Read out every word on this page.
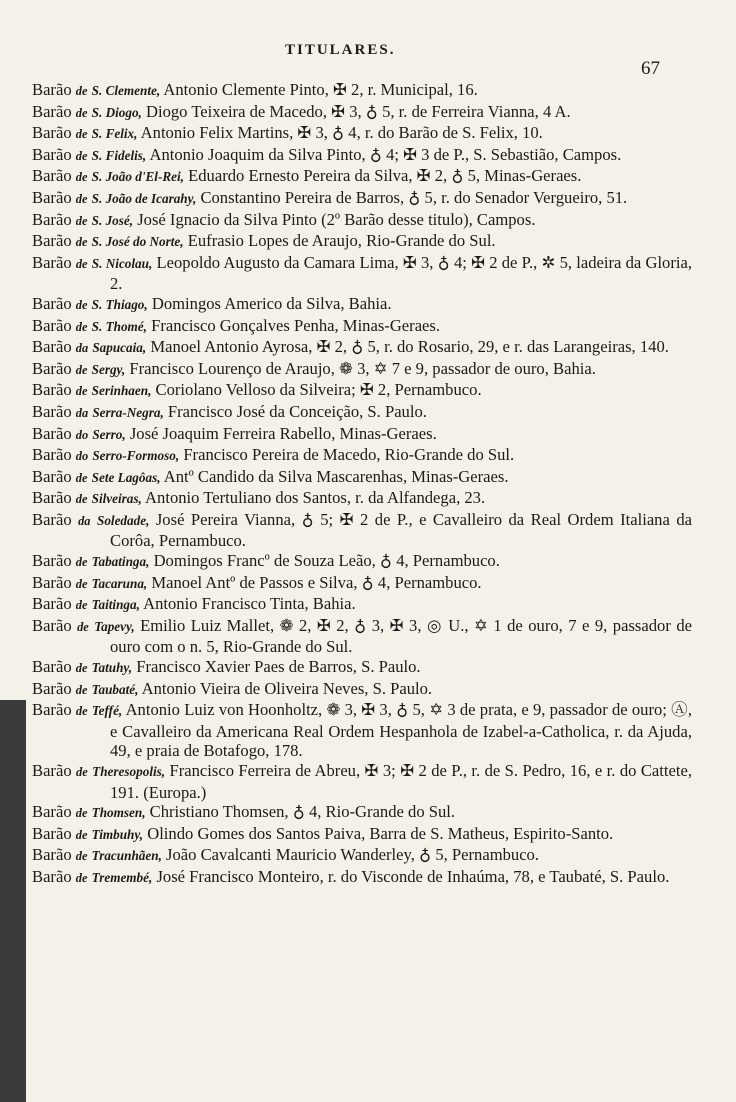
TITULARES.
67

Barão de S. Clemente, Antonio Clemente Pinto, ✠ 2, r. Municipal, 16.

Barão de S. Diogo, Diogo Teixeira de Macedo, ✠ 3, ♁ 5, r. de Ferreira Vianna, 4 A.

Barão de S. Felix, Antonio Felix Martins, ✠ 3, ♁ 4, r. do Barão de S. Felix, 10.

Barão de S. Fidelis, Antonio Joaquim da Silva Pinto, ♁ 4; ✠ 3 de P., S. Sebastião, Campos.

Barão de S. João d'El-Rei, Eduardo Ernesto Pereira da Silva, ✠ 2, ♁ 5, Minas-Geraes.

Barão de S. João de Icarahy, Constantino Pereira de Barros, ♁ 5, r. do Senador Vergueiro, 51.

Barão de S. José, José Ignacio da Silva Pinto (2º Barão desse titulo), Campos.

Barão de S. José do Norte, Eufrasio Lopes de Araujo, Rio-Grande do Sul.

Barão de S. Nicolau, Leopoldo Augusto da Camara Lima, ✠ 3, ♁ 4; ✠ 2 de P., ✲ 5, ladeira da Gloria, 2.

Barão de S. Thiago, Domingos Americo da Silva, Bahia.

Barão de S. Thomé, Francisco Gonçalves Penha, Minas-Geraes.

Barão da Sapucaia, Manoel Antonio Ayrosa, ✠ 2, ♁ 5, r. do Rosario, 29, e r. das Larangeiras, 140.

Barão de Sergy, Francisco Lourenço de Araujo, ❁ 3, ✡ 7 e 9, passador de ouro, Bahia.

Barão de Serinhaen, Coriolano Velloso da Silveira; ✠ 2, Pernambuco.

Barão da Serra-Negra, Francisco José da Conceição, S. Paulo.

Barão do Serro, José Joaquim Ferreira Rabello, Minas-Geraes.

Barão do Serro-Formoso, Francisco Pereira de Macedo, Rio-Grande do Sul.

Barão de Sete Lagôas, Antº Candido da Silva Mascarenhas, Minas-Geraes.

Barão de Silveiras, Antonio Tertuliano dos Santos, r. da Alfandega, 23.

Barão da Soledade, José Pereira Vianna, ♁ 5; ✠ 2 de P., e Cavalleiro da Real Ordem Italiana da Corôa, Pernambuco.

Barão de Tabatinga, Domingos Francº de Souza Leão, ♁ 4, Pernambuco.

Barão de Tacaruna, Manoel Antº de Passos e Silva, ♁ 4, Pernambuco.

Barão de Taitinga, Antonio Francisco Tinta, Bahia.

Barão de Tapevy, Emilio Luiz Mallet, ❁ 2, ✠ 2, ♁ 3, ✠ 3, ◎ U., ✡ 1 de ouro, 7 e 9, passador de ouro com o n. 5, Rio-Grande do Sul.

Barão de Tatuhy, Francisco Xavier Paes de Barros, S. Paulo.

Barão de Taubaté, Antonio Vieira de Oliveira Neves, S. Paulo.

Barão de Teffé, Antonio Luiz von Hoonholtz, ❁ 3, ✠ 3, ♁ 5, ✡ 3 de prata, e 9, passador de ouro; Ⓐ, e Cavalleiro da Americana Real Ordem Hespanhola de Izabel-a-Catholica, r. da Ajuda, 49, e praia de Botafogo, 178.

Barão de Theresopolis, Francisco Ferreira de Abreu, ✠ 3; ✠ 2 de P., r. de S. Pedro, 16, e r. do Cattete, 191. (Europa.)

Barão de Thomsen, Christiano Thomsen, ♁ 4, Rio-Grande do Sul.

Barão de Timbuhy, Olindo Gomes dos Santos Paiva, Barra de S. Matheus, Espirito-Santo.

Barão de Tracunhãen, João Cavalcanti Mauricio Wanderley, ♁ 5, Pernambuco.

Barão de Tremembé, José Francisco Monteiro, r. do Visconde de Inhaúma, 78, e Taubaté, S. Paulo.
